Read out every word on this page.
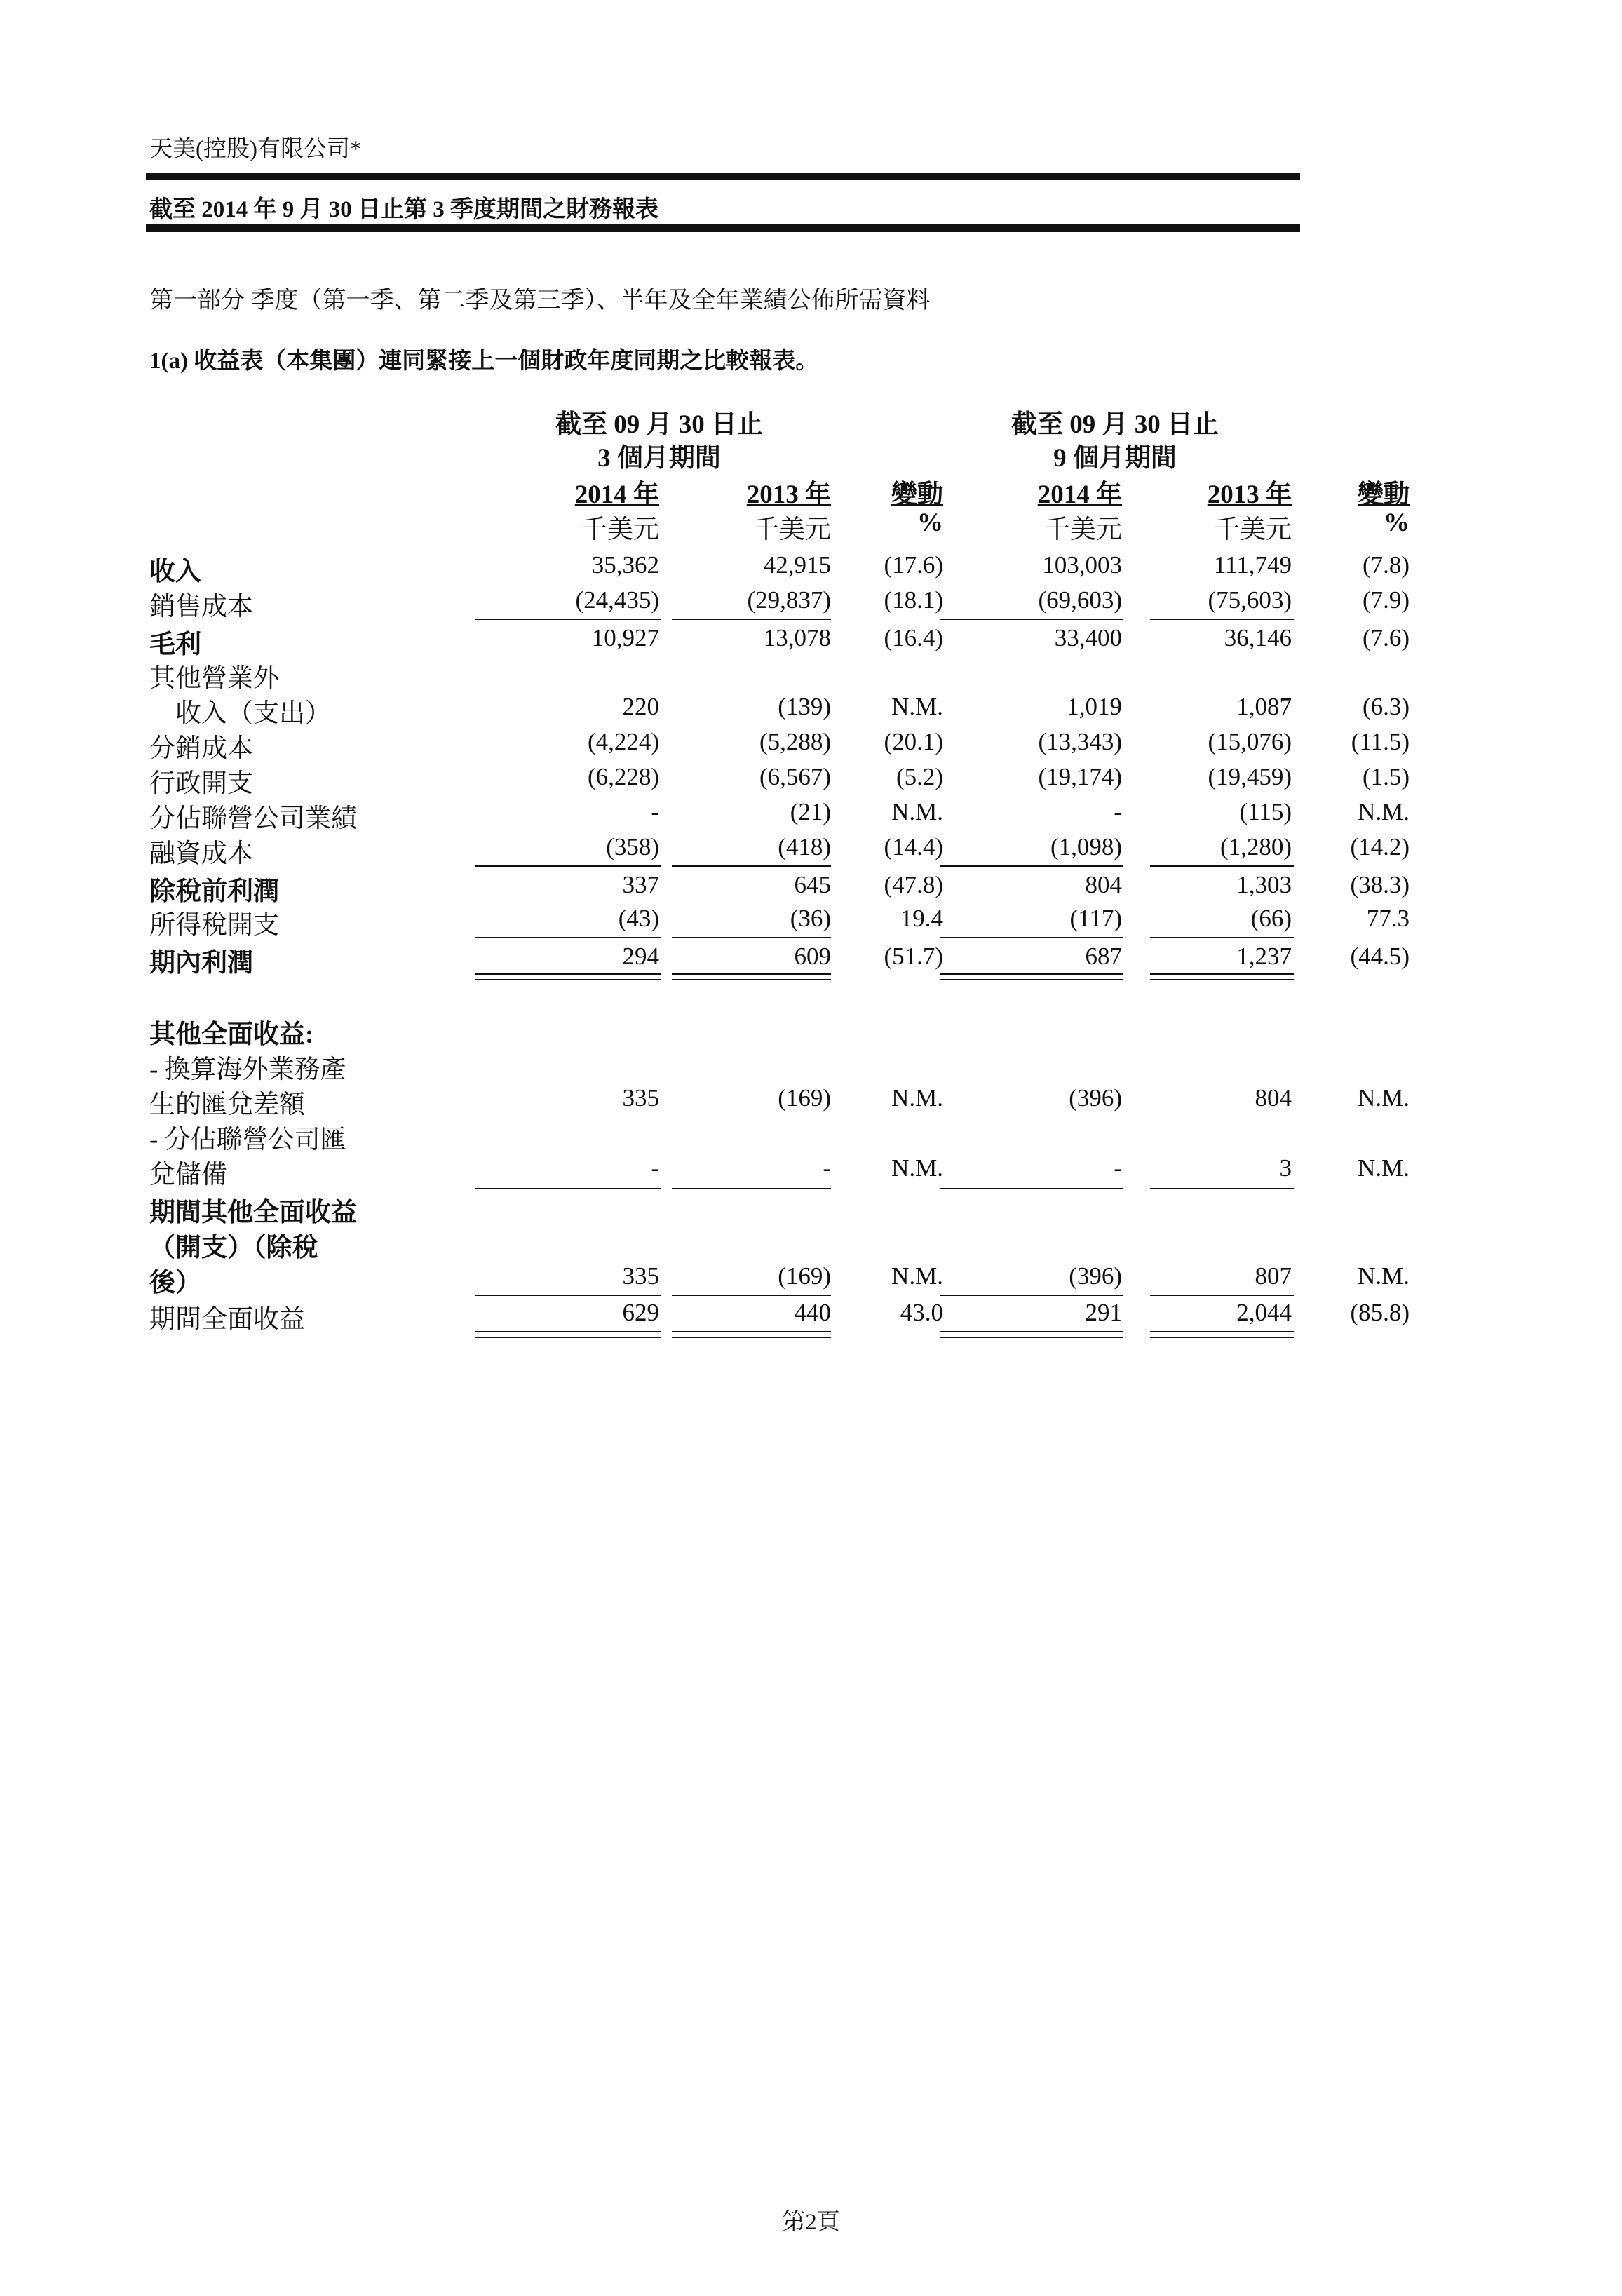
天美(控股)有限公司*
截至 2014 年 9 月 30 日止第 3 季度期間之財務報表
第一部分 季度（第一季、第二季及第三季）、半年及全年業績公佈所需資料
1(a) 收益表（本集團）連同緊接上一個財政年度同期之比較報表。
截至 09 月 30 日止
3 個月期間
截至 09 月 30 日止
9 個月期間
2014 年	2013 年	變動	2014 年	2013 年	變動
千美元	千美元	%	千美元	千美元	%
收入	35,362	42,915	(17.6)	103,003	111,749	(7.8)
銷售成本	(24,435)	(29,837)	(18.1)	(69,603)	(75,603)	(7.9)
毛利	10,927	13,078	(16.4)	33,400	36,146	(7.6)
其他營業外
　收入（支出）	220	(139)	N.M.	1,019	1,087	(6.3)
分銷成本	(4,224)	(5,288)	(20.1)	(13,343)	(15,076)	(11.5)
行政開支	(6,228)	(6,567)	(5.2)	(19,174)	(19,459)	(1.5)
分佔聯營公司業績	-	(21)	N.M.	-	(115)	N.M.
融資成本	(358)	(418)	(14.4)	(1,098)	(1,280)	(14.2)
除稅前利潤	337	645	(47.8)	804	1,303	(38.3)
所得稅開支	(43)	(36)	19.4	(117)	(66)	77.3
期內利潤	294	609	(51.7)	687	1,237	(44.5)
其他全面收益:
- 換算海外業務產
生的匯兌差額	335	(169)	N.M.	(396)	804	N.M.
- 分佔聯營公司匯
兌儲備	-	-	N.M.	-	3	N.M.
期間其他全面收益
（開支）（除稅
後）	335	(169)	N.M.	(396)	807	N.M.
期間全面收益	629	440	43.0	291	2,044	(85.8)
第2頁
